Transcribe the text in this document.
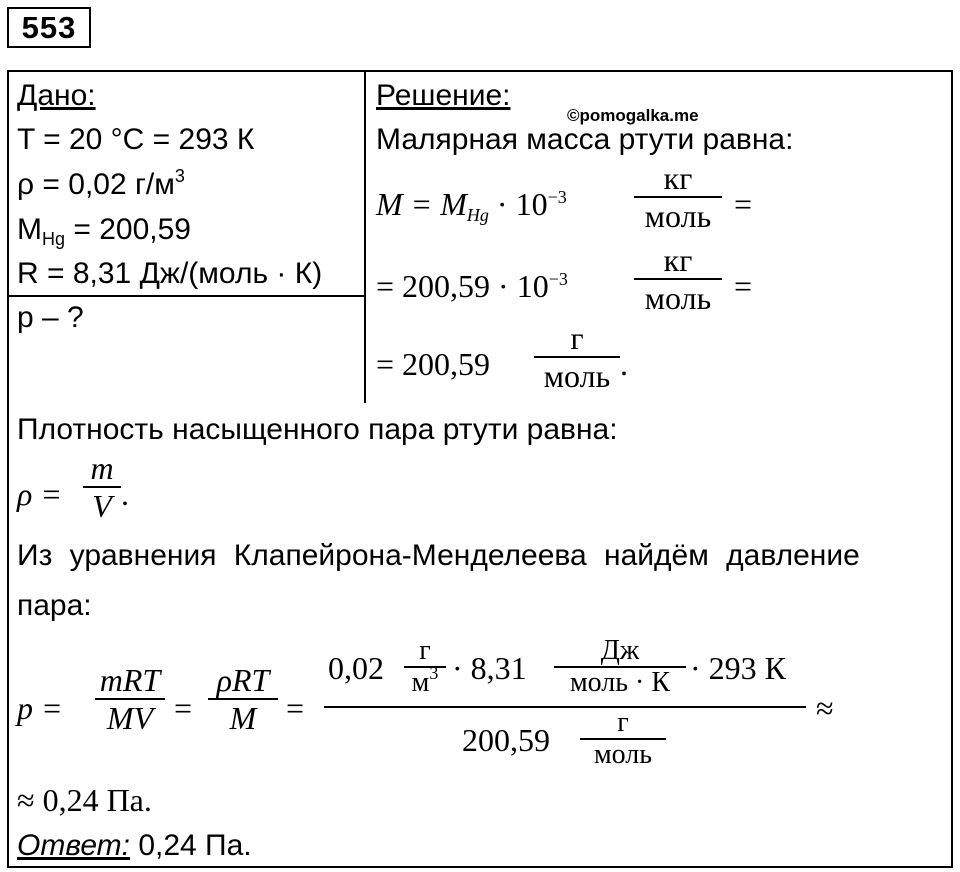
553
Дано:
T = 20 °C = 293 К
ρ = 0,02 $г/м^3$
$M_{Hg} = 200,59$
R = 8,31 Дж/(моль · К)
p – ?
Решение:
©pomogalka.me
Малярная масса ртути равна:
$M = M_{Hg} \cdot 10^{-3}$
кг
моль =
= $200,59 \cdot 10^{-3}$
кг
моль =
= 200,59
г
моль .
Плотность насыщенного пара ртути равна:
ρ =
m
V .
Из уравнения Клапейрона-Менделеева найдём давление
пара:
p =
mRT
MV =
ρRT
M =
0,02	г
$м^3 \cdot 8,31$	Дж
моль · К · 293 К
200,59	г
моль
≈
≈ 0,24 Па.
Ответ: 0,24 Па.
